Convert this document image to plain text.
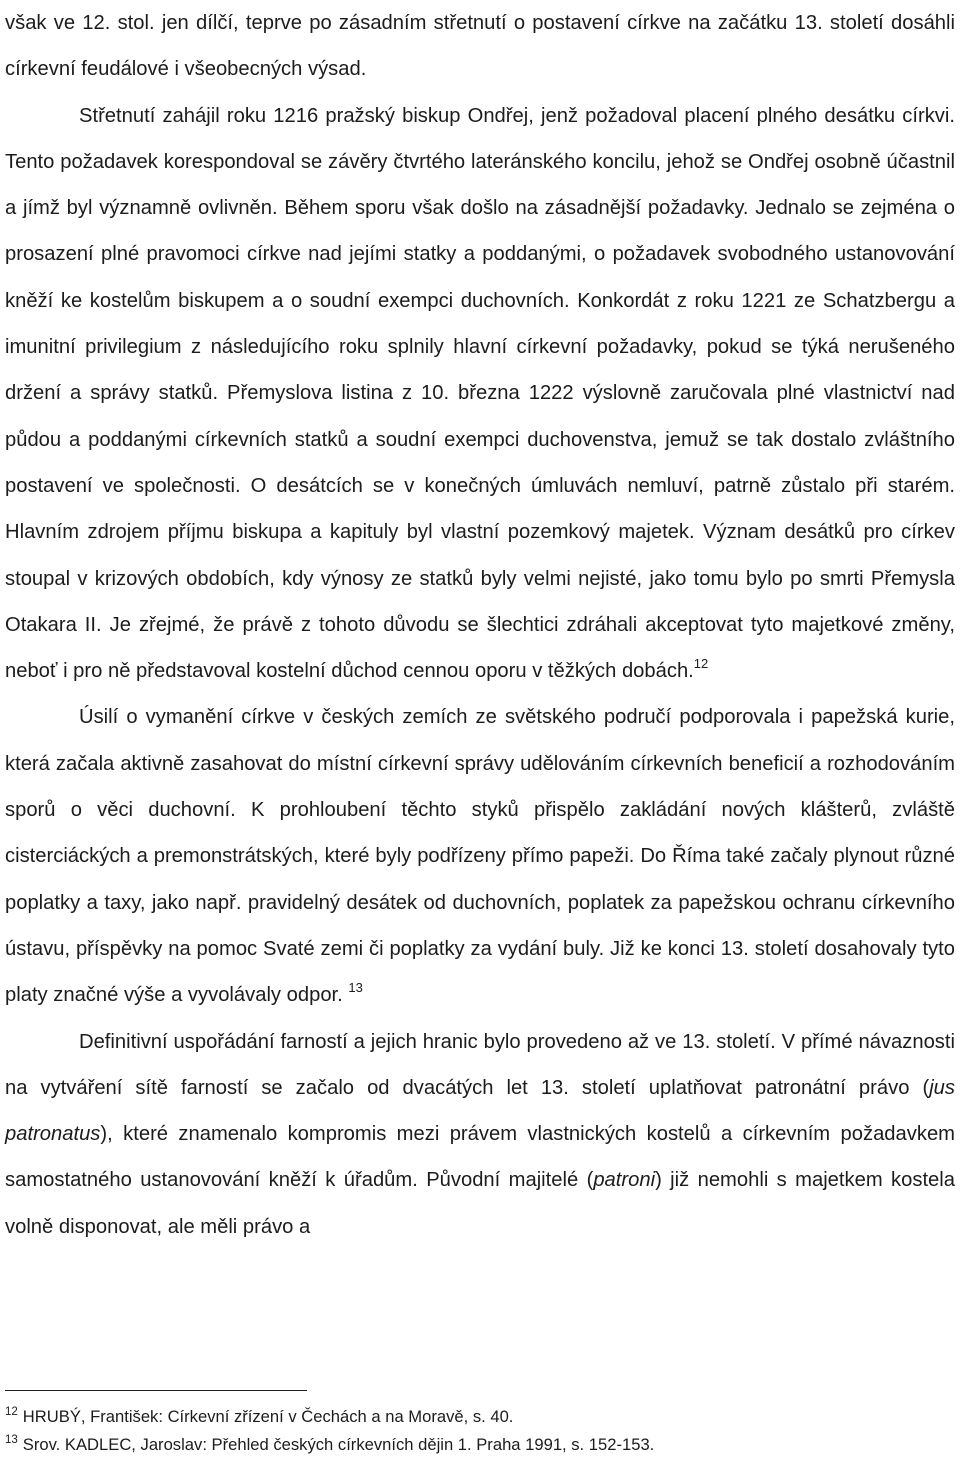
však ve 12. stol. jen dílčí, teprve po zásadním střetnutí o postavení církve na začátku 13. století dosáhli církevní feudálové i všeobecných výsad.

Střetnutí zahájil roku 1216 pražský biskup Ondřej, jenž požadoval placení plného desátku církvi. Tento požadavek korespondoval se závěry čtvrtého lateránského koncilu, jehož se Ondřej osobně účastnil a jímž byl významně ovlivněn. Během sporu však došlo na zásadnější požadavky. Jednalo se zejména o prosazení plné pravomoci církve nad jejími statky a poddanými, o požadavek svobodného ustanovování kněží ke kostelům biskupem a o soudní exempci duchovních. Konkordát z roku 1221 ze Schatzbergu a imunitní privilegium z následujícího roku splnily hlavní církevní požadavky, pokud se týká nerušeného držení a správy statků. Přemyslova listina z 10. března 1222 výslovně zaručovala plné vlastnictví nad půdou a poddanými církevních statků a soudní exempci duchovenstva, jemuž se tak dostalo zvláštního postavení ve společnosti. O desátcích se v konečných úmluvách nemluví, patrně zůstalo při starém. Hlavním zdrojem příjmu biskupa a kapituly byl vlastní pozemkový majetek. Význam desátků pro církev stoupal v krizových obdobích, kdy výnosy ze statků byly velmi nejisté, jako tomu bylo po smrti Přemysla Otakara II. Je zřejmé, že právě z tohoto důvodu se šlechtici zdráhali akceptovat tyto majetkové změny, neboť i pro ně představoval kostelní důchod cennou oporu v těžkých dobách.$^{12}$

Úsilí o vymanění církve v českých zemích ze světského područí podporovala i papežská kurie, která začala aktivně zasahovat do místní církevní správy udělováním církevních beneficií a rozhodováním sporů o věci duchovní. K prohloubení těchto styků přispělo zakládání nových klášterů, zvláště cisterciáckých a premonstrátských, které byly podřízeny přímo papeži. Do Říma také začaly plynout různé poplatky a taxy, jako např. pravidelný desátek od duchovních, poplatek za papežskou ochranu církevního ústavu, příspěvky na pomoc Svaté zemi či poplatky za vydání buly. Již ke konci 13. století dosahovaly tyto platy značné výše a vyvolávaly odpor. $^{13}$

Definitivní uspořádání farností a jejich hranic bylo provedeno až ve 13. století. V přímé návaznosti na vytváření sítě farností se začalo od dvacátých let 13. století uplatňovat patronátní právo (jus patronatus), které znamenalo kompromis mezi právem vlastnických kostelů a církevním požadavkem samostatného ustanovování kněží k úřadům. Původní majitelé (patroni) již nemohli s majetkem kostela volně disponovat, ale měli právo a

$^{12}$ HRUBÝ, František: Církevní zřízení v Čechách a na Moravě, s. 40.

$^{13}$ Srov. KADLEC, Jaroslav: Přehled českých církevních dějin 1. Praha 1991, s. 152-153.
